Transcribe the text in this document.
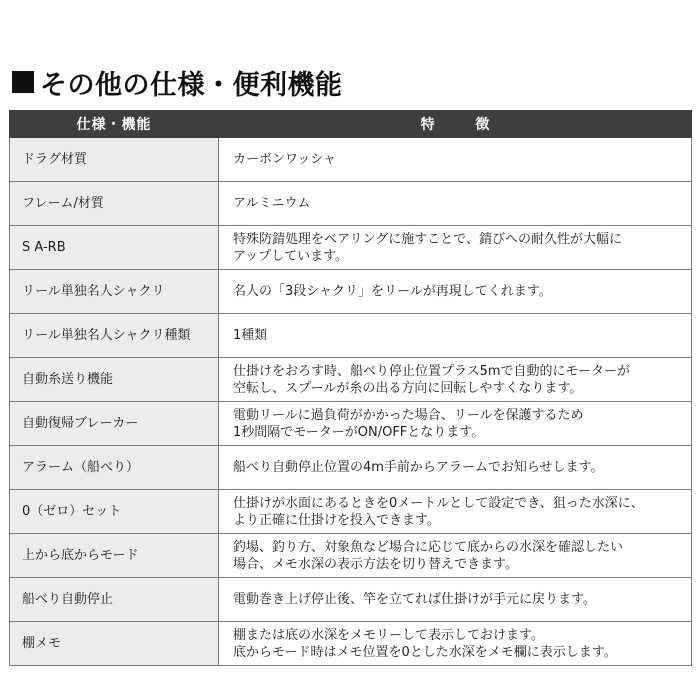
その他の仕様・便利機能
仕様・機能	特 徴
ドラグ材質	カーボンワッシャ

フレーム/材質	アルミニウム

S A-RB	特殊防錆処理をベアリングに施すことで、錆びへの耐久性が大幅に
アップしています。

リール単独名人シャクリ	名人の「3段シャクリ」をリールが再現してくれます。

リール単独名人シャクリ種類	1種類

自動糸送り機能	仕掛けをおろす時、船べり停止位置プラス5mで自動的にモーターが
空転し、スプールが糸の出る方向に回転しやすくなります。

自動復帰ブレーカー	電動リールに過負荷がかかった場合、リールを保護するため
1秒間隔でモーターがON/OFFとなります。

アラーム（船べり）	船べり自動停止位置の4m手前からアラームでお知らせします。

0（ゼロ）セット	仕掛けが水面にあるときを0メートルとして設定でき、狙った水深に、
より正確に仕掛けを投入できます。

上から底からモード	釣場、釣り方、対象魚など場合に応じて底からの水深を確認したい
場合、メモ水深の表示方法を切り替えできます。

船べり自動停止	電動巻き上げ停止後、竿を立てれば仕掛けが手元に戻ります。

棚メモ	棚または底の水深をメモリーして表示しておけます。
底からモード時はメモ位置を0とした水深をメモ欄に表示します。
